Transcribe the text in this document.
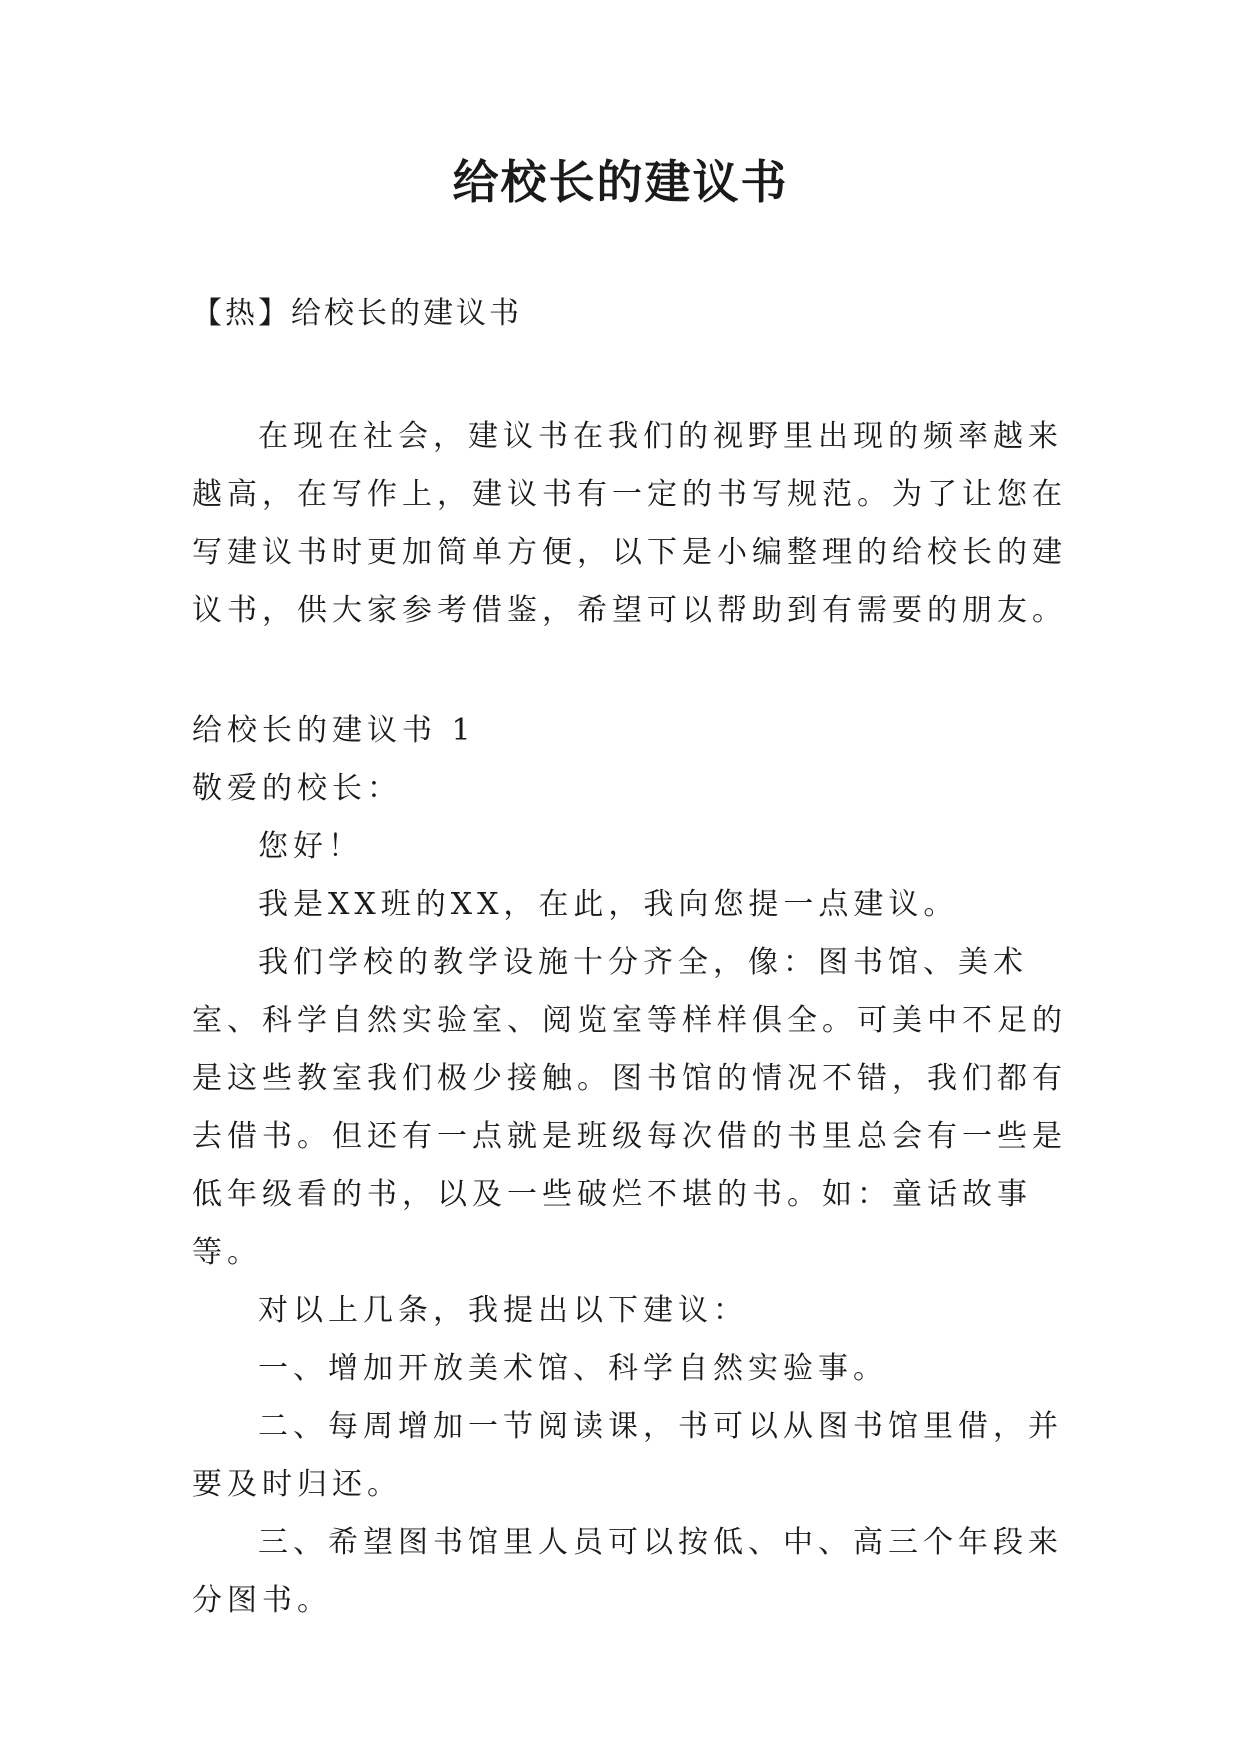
给校长的建议书
【热】给校长的建议书

在现在社会，建议书在我们的视野里出现的频率越来越高，在写作上，建议书有一定的书写规范。为了让您在写建议书时更加简单方便，以下是小编整理的给校长的建议书，供大家参考借鉴，希望可以帮助到有需要的朋友。

给校长的建议书 1

敬爱的校长：

您好！

我是XX班的XX，在此，我向您提一点建议。

我们学校的教学设施十分齐全，像：图书馆、美术室、科学自然实验室、阅览室等样样俱全。可美中不足的是这些教室我们极少接触。图书馆的情况不错，我们都有去借书。但还有一点就是班级每次借的书里总会有一些是低年级看的书，以及一些破烂不堪的书。如：童话故事等。

对以上几条，我提出以下建议：

一、增加开放美术馆、科学自然实验事。

二、每周增加一节阅读课，书可以从图书馆里借，并要及时归还。

三、希望图书馆里人员可以按低、中、高三个年段来分图书。
